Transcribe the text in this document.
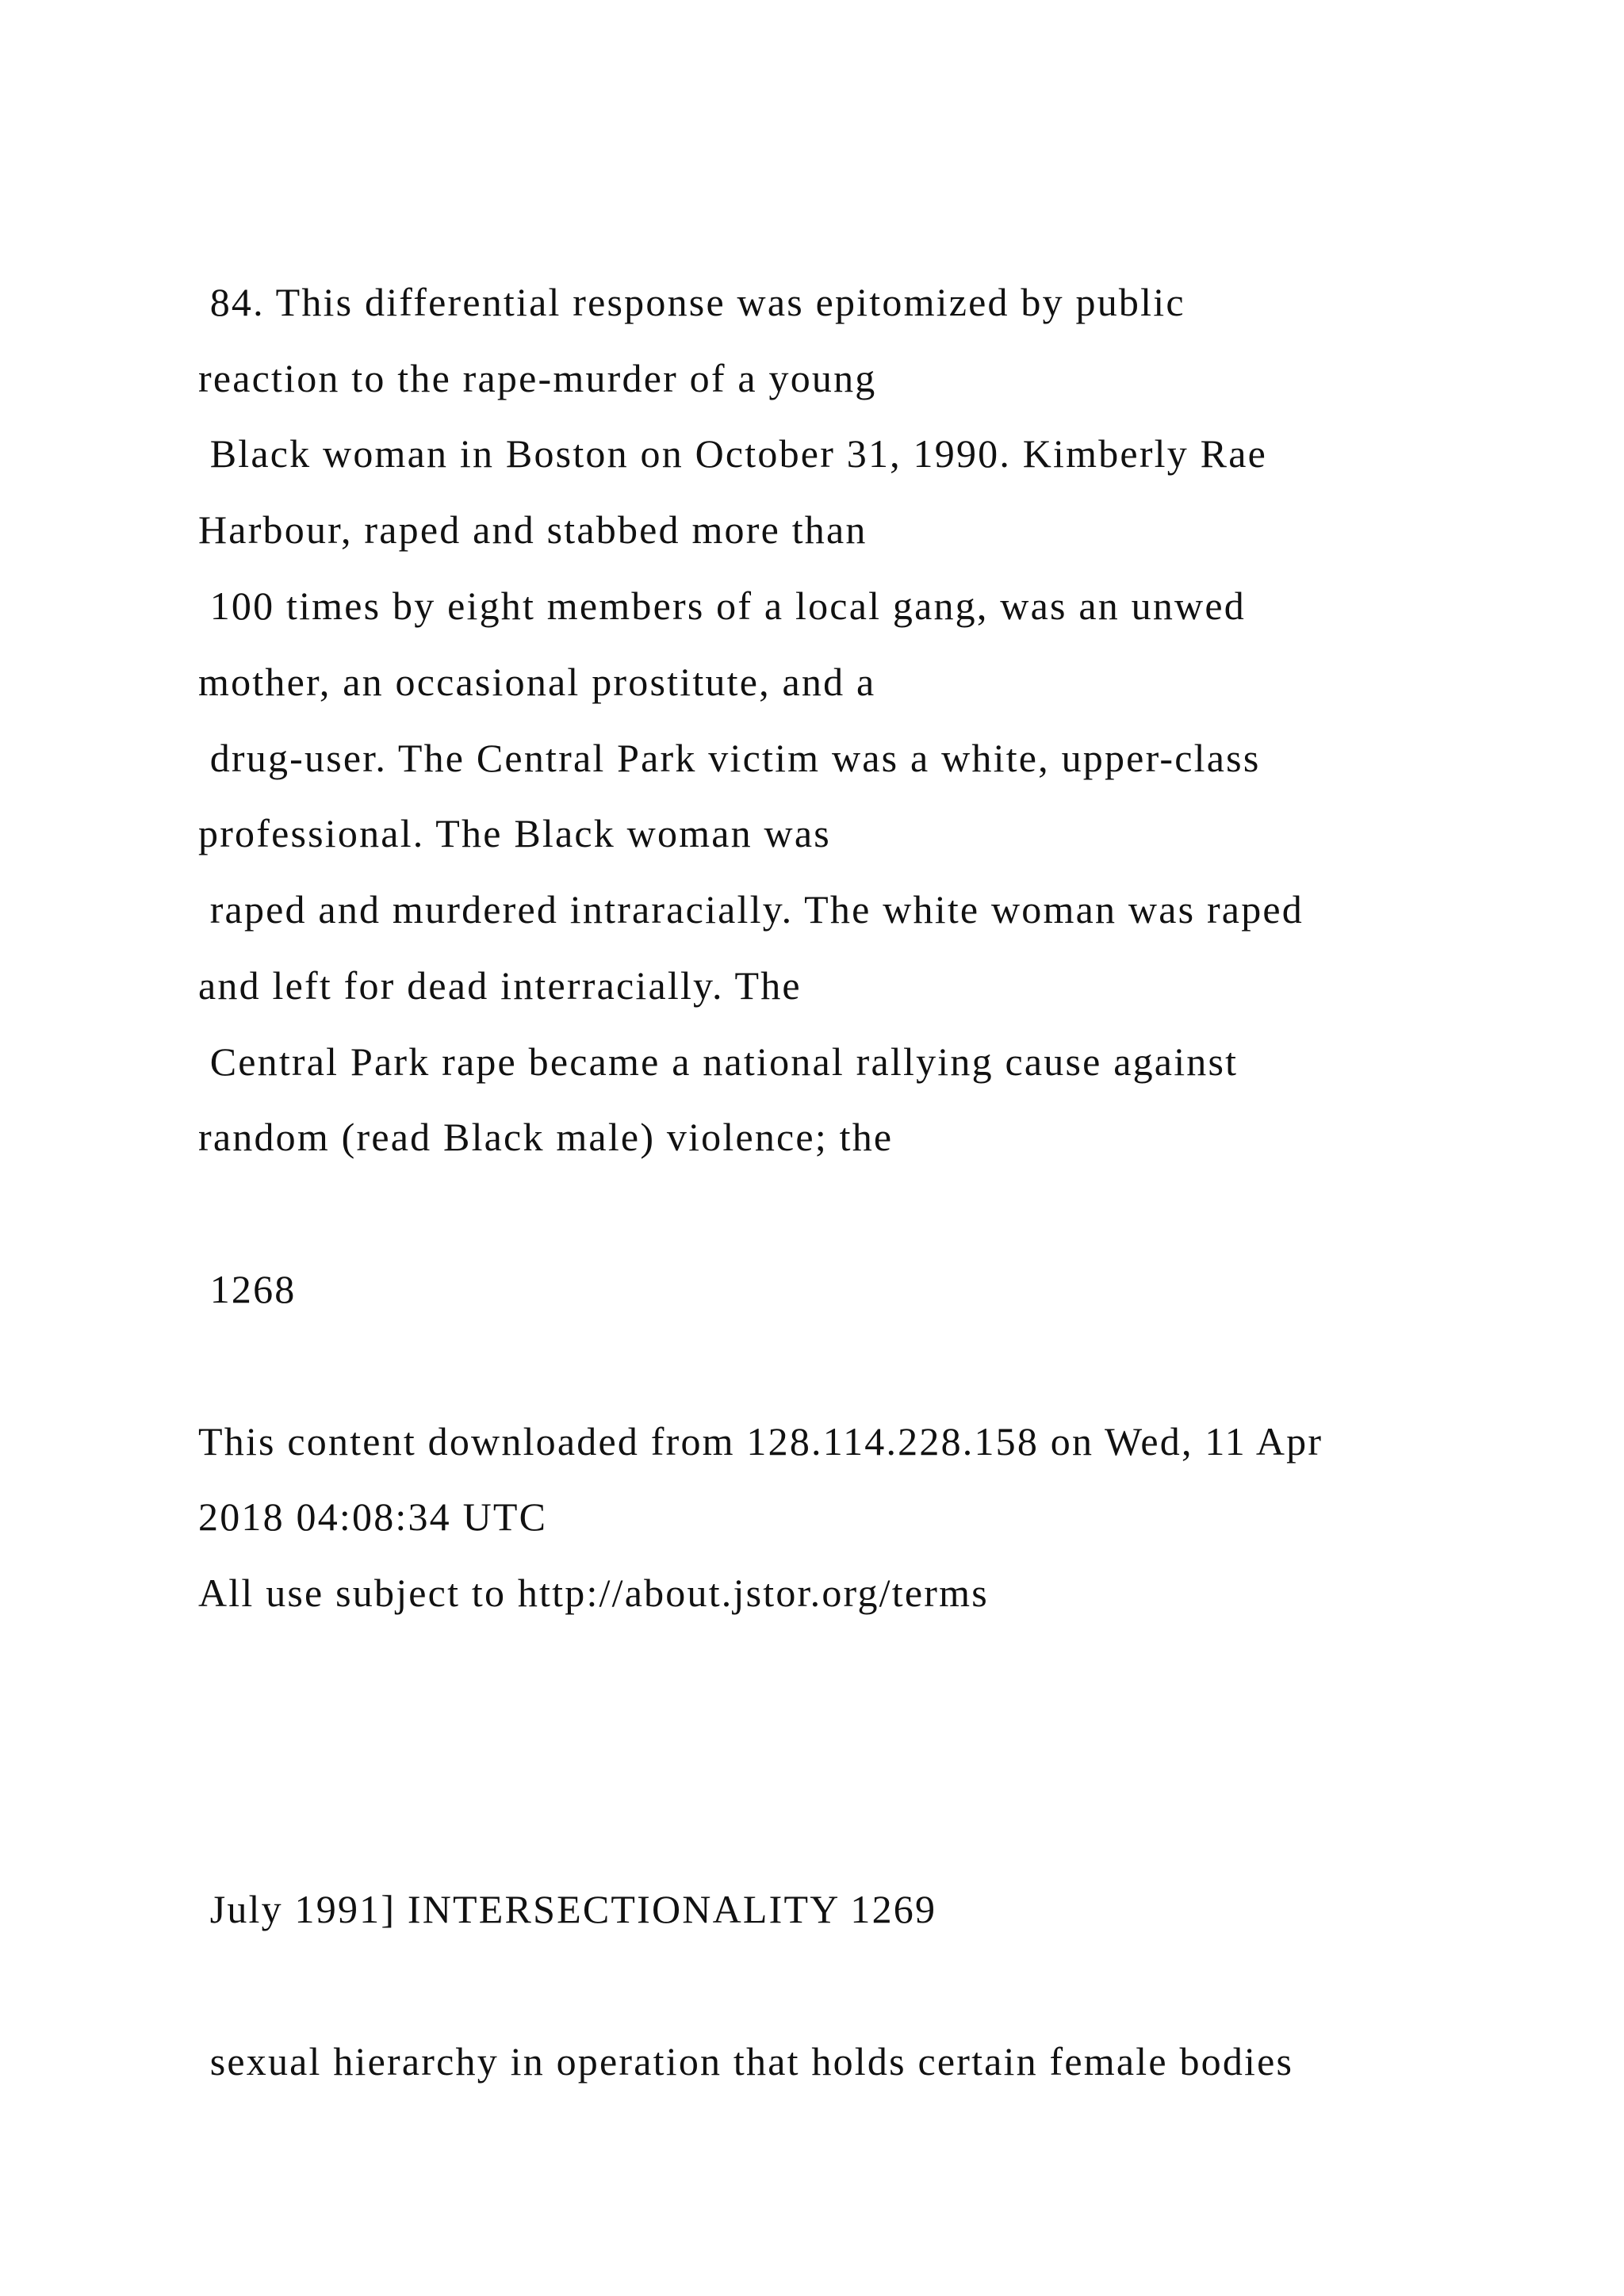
84. This differential response was epitomized by public
reaction to the rape-murder of a young
Black woman in Boston on October 31, 1990. Kimberly Rae
Harbour, raped and stabbed more than
100 times by eight members of a local gang, was an unwed
mother, an occasional prostitute, and a
drug-user. The Central Park victim was a white, upper-class
professional. The Black woman was
raped and murdered intraracially. The white woman was raped
and left for dead interracially. The
Central Park rape became a national rallying cause against
random (read Black male) violence; the
1268
This content downloaded from 128.114.228.158 on Wed, 11 Apr
2018 04:08:34 UTC
All use subject to http://about.jstor.org/terms
July 1991] INTERSECTIONALITY 1269
sexual hierarchy in operation that holds certain female bodies
